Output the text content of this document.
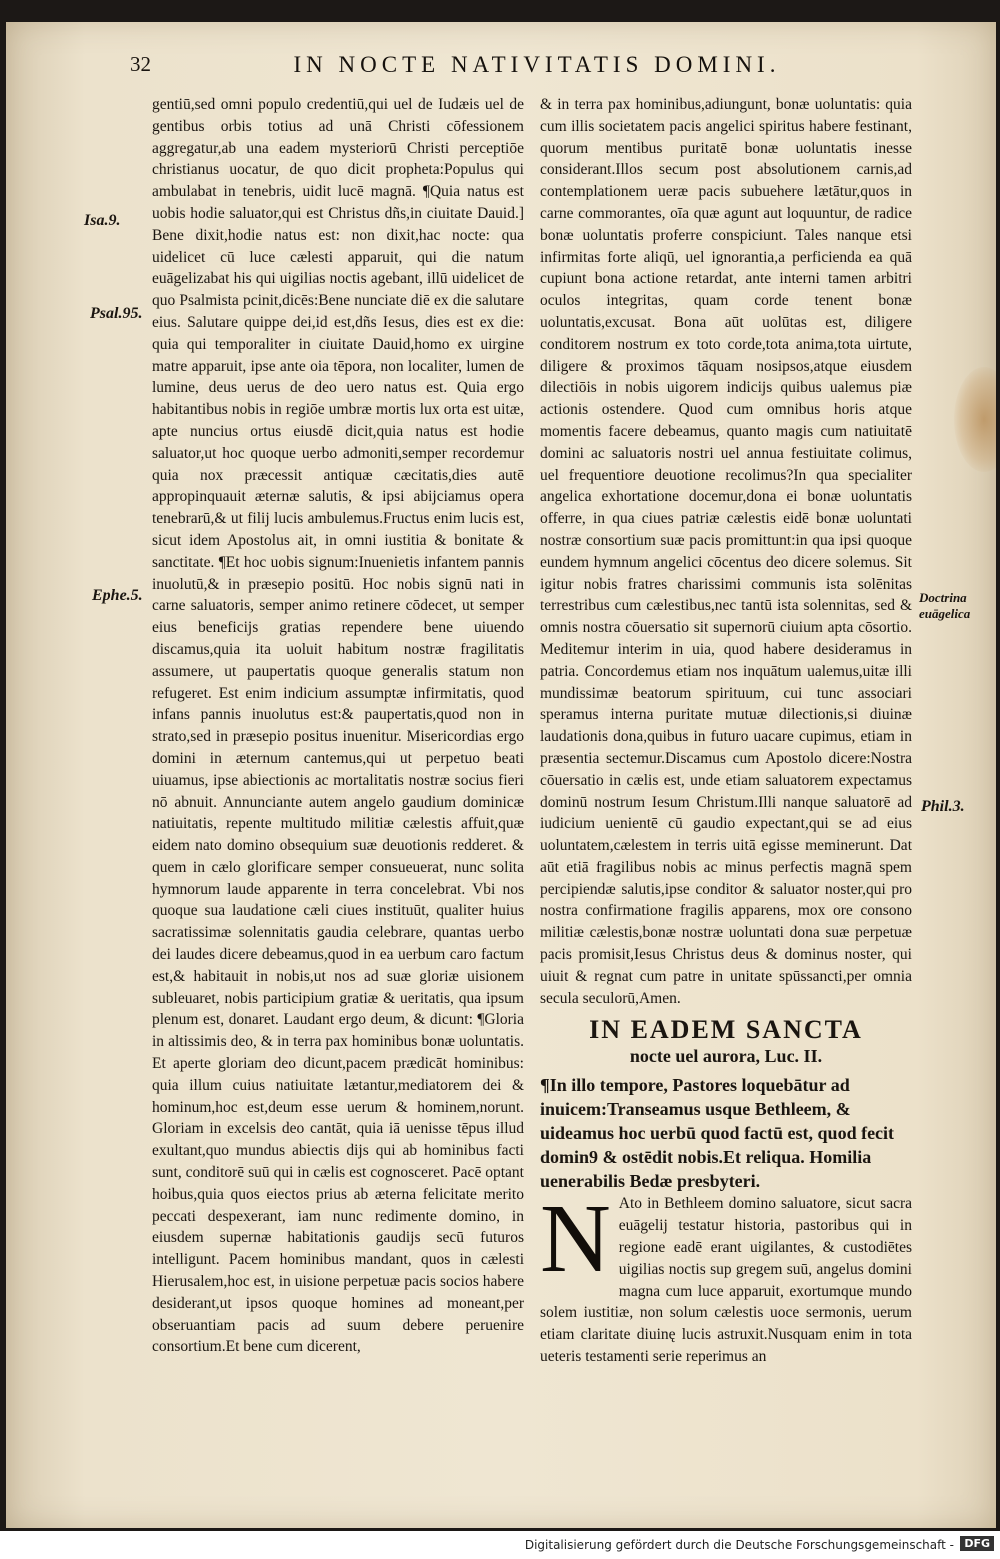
32	IN NOCTE NATIVITATIS DOMINI.
Isa.9.
Psal.95.
Ephe.5.	Doctrina euāgelica
Phil.3.

gentiū,sed omni populo credentiū,qui uel de Iudæis uel de gentibus orbis totius ad unā Christi cōfessionem aggregatur,ab una eadem mysteriorū Christi perceptiōe christianus uocatur, de quo dicit propheta:Populus qui ambulabat in tenebris, uidit lucē magnā. ¶Quia natus est uobis hodie saluator,qui est Christus dñs,in ciuitate Dauid.] Bene dixit,hodie natus est: non dixit,hac nocte: qua uidelicet cū luce cælesti apparuit, qui die natum euāgelizabat his qui uigilias noctis agebant, illū uidelicet de quo Psalmista pcinit,dicēs:Bene nunciate diē ex die salutare eius. Salutare quippe dei,id est,dñs Iesus, dies est ex die: quia qui temporaliter in ciuitate Dauid,homo ex uirgine matre apparuit, ipse ante oia tēpora, non localiter, lumen de lumine, deus uerus de deo uero natus est. Quia ergo habitantibus nobis in regiōe umbræ mortis lux orta est uitæ, apte nuncius ortus eiusdē dicit,quia natus est hodie saluator,ut hoc quoque uerbo admoniti,semper recordemur quia nox præcessit antiquæ cæcitatis,dies autē appropinquauit æternæ salutis, & ipsi abijciamus opera tenebrarū,& ut filij lucis ambulemus.Fructus enim lucis est, sicut idem Apostolus ait, in omni iustitia & bonitate & sanctitate. ¶Et hoc uobis signum:Inuenietis infantem pannis inuolutū,& in præsepio positū. Hoc nobis signū nati in carne saluatoris, semper animo retinere cōdecet, ut semper eius beneficijs gratias rependere bene uiuendo discamus,quia ita uoluit habitum nostræ fragilitatis assumere, ut paupertatis quoque generalis statum non refugeret. Est enim indicium assumptæ infirmitatis, quod infans pannis inuolutus est:& paupertatis,quod non in strato,sed in præsepio positus inuenitur. Misericordias ergo domini in æternum cantemus,qui ut perpetuo beati uiuamus, ipse abiectionis ac mortalitatis nostræ socius fieri nō abnuit. Annunciante autem angelo gaudium dominicæ natiuitatis, repente multitudo militiæ cælestis affuit,quæ eidem nato domino obsequium suæ deuotionis redderet. & quem in cælo glorificare semper consueuerat, nunc solita hymnorum laude apparente in terra concelebrat. Vbi nos quoque sua laudatione cæli ciues instituūt, qualiter huius sacratissimæ solennitatis gaudia celebrare, quantas uerbo dei laudes dicere debeamus,quod in ea uerbum caro factum est,& habitauit in nobis,ut nos ad suæ gloriæ uisionem subleuaret, nobis participium gratiæ & ueritatis, qua ipsum plenum est, donaret. Laudant ergo deum, & dicunt: ¶Gloria in altissimis deo, & in terra pax hominibus bonæ uoluntatis. Et aperte gloriam deo dicunt,pacem prædicāt hominibus: quia illum cuius natiuitate lætantur,mediatorem dei & hominum,hoc est,deum esse uerum & hominem,norunt. Gloriam in excelsis deo cantāt, quia iā uenisse tēpus illud exultant,quo mundus abiectis dijs qui ab hominibus facti sunt, conditorē suū qui in cælis est cognosceret. Pacē optant hoibus,quia quos eiectos prius ab æterna felicitate merito peccati despexerant, iam nunc redimente domino, in eiusdem supernæ habitationis gaudijs secū futuros intelligunt. Pacem hominibus mandant, quos in cælesti Hierusalem,hoc est, in uisione perpetuæ pacis socios habere desiderant,ut ipsos quoque homines ad moneant,per obseruantiam pacis ad suum debere peruenire consortium.Et bene cum dicerent,

& in terra pax hominibus,adiungunt, bonæ uoluntatis: quia cum illis societatem pacis angelici spiritus habere festinant, quorum mentibus puritatē bonæ uoluntatis inesse considerant.Illos secum post absolutionem carnis,ad contemplationem ueræ pacis subuehere lætātur,quos in carne commorantes, oīa quæ agunt aut loquuntur, de radice bonæ uoluntatis proferre conspiciunt. Tales nanque etsi infirmitas forte aliqū, uel ignorantia,a perficienda ea quā cupiunt bona actione retardat, ante interni tamen arbitri oculos integritas, quam corde tenent bonæ uoluntatis,excusat. Bona aūt uolūtas est, diligere conditorem nostrum ex toto corde,tota anima,tota uirtute, diligere & proximos tāquam nosipsos,atque eiusdem dilectiōis in nobis uigorem indicijs quibus ualemus piæ actionis ostendere. Quod cum omnibus horis atque momentis facere debeamus, quanto magis cum natiuitatē domini ac saluatoris nostri uel annua festiuitate colimus, uel frequentiore deuotione recolimus?In qua specialiter angelica exhortatione docemur,dona ei bonæ uoluntatis offerre, in qua ciues patriæ cælestis eidē bonæ uoluntati nostræ consortium suæ pacis promittunt:in qua ipsi quoque eundem hymnum angelici cōcentus deo dicere solemus. Sit igitur nobis fratres charissimi communis ista solēnitas terrestribus cum cælestibus,nec tantū ista solennitas, sed & omnis nostra cōuersatio sit supernorū ciuium apta cōsortio. Meditemur interim in uia, quod habere desideramus in patria. Concordemus etiam nos inquātum ualemus,uitæ illi mundissimæ beatorum spirituum, cui tunc associari speramus interna puritate mutuæ dilectionis,si diuinæ laudationis dona,quibus in futuro uacare cupimus, etiam in præsentia sectemur.Discamus cum Apostolo dicere:Nostra cōuersatio in cælis est, unde etiam saluatorem expectamus dominū nostrum Iesum Christum.Illi nanque saluatorē ad iudicium uenientē cū gaudio expectant,qui se ad eius uoluntatem,cælestem in terris uitā egisse meminerunt. Dat aūt etiā fragilibus nobis ac minus perfectis magnā spem percipiendæ salutis,ipse conditor & saluator noster,qui pro nostra confirmatione fragilis apparens, mox ore consono militiæ cælestis,bonæ nostræ uoluntati dona suæ perpetuæ pacis promisit,Iesus Christus deus & dominus noster, qui uiuit & regnat cum patre in unitate spūssancti,per omnia secula seculorū,Amen.

IN EADEM SANCTA
nocte uel aurora, Luc. II.

¶In illo tempore, Pastores loquebātur ad inuicem:Transeamus usque Bethleem, & uideamus hoc uerbū quod factū est, quod fecit domin9 & ostēdit nobis.Et reliqua. Homilia uenerabilis Bedæ presbyteri.

N Ato in Bethleem domino saluatore, sicut sacra euāgelij testatur historia, pastoribus qui in regione eadē erant uigilantes, & custodiētes uigilias noctis sup gregem suū, angelus domini magna cum luce apparuit, exortumque mundo solem iustitiæ, non solum cælestis uoce sermonis, uerum etiam claritate diuinę lucis astruxit.Nusquam enim in tota ueteris testamenti serie reperimus an
Digitalisierung gefördert durch die Deutsche Forschungsgemeinschaft - DFG
